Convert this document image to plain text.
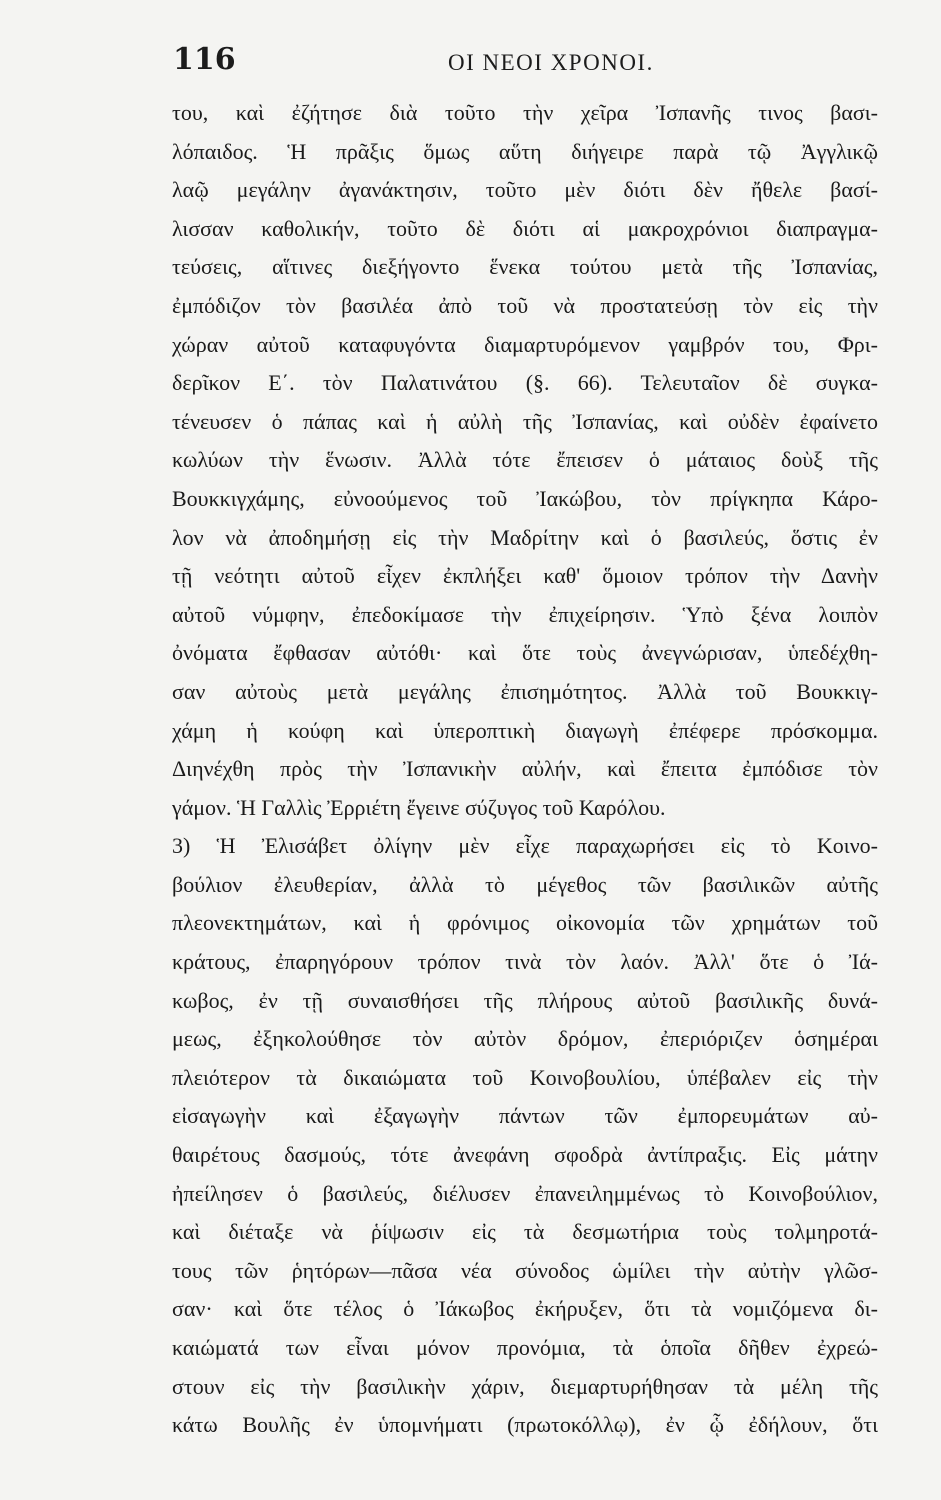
116	ΟΙ ΝΕΟΙ ΧΡΟΝΟΙ.
του, καὶ ἐζήτησε διὰ τοῦτο τὴν χεῖρα Ἰσπανῆς τινος βασι-
λόπαιδος. Ἡ πρᾶξις ὅμως αὕτη διήγειρε παρὰ τῷ Ἀγγλικῷ
λαῷ μεγάλην ἀγανάκτησιν, τοῦτο μὲν διότι δὲν ἤθελε βασί-
λισσαν καθολικήν, τοῦτο δὲ διότι αἱ μακροχρόνιοι διαπραγμα-
τεύσεις, αἵτινες διεξήγοντο ἕνεκα τούτου μετὰ τῆς Ἰσπανίας,
ἐμπόδιζον τὸν βασιλέα ἀπὸ τοῦ νὰ προστατεύσῃ τὸν εἰς τὴν
χώραν αὐτοῦ καταφυγόντα διαμαρτυρόμενον γαμβρόν του, Φρι-
δερῖκον Ε΄. τὸν Παλατινάτου (§. 66). Τελευταῖον δὲ συγκα-
τένευσεν ὁ πάπας καὶ ἡ αὐλὴ τῆς Ἰσπανίας, καὶ οὐδὲν ἐφαίνετο
κωλύων τὴν ἕνωσιν. Ἀλλὰ τότε ἔπεισεν ὁ μάταιος δοὺξ τῆς
Βουκκιγχάμης, εὐνοούμενος τοῦ Ἰακώβου, τὸν πρίγκηπα Κάρο-
λον νὰ ἀποδημήσῃ εἰς τὴν Μαδρίτην καὶ ὁ βασιλεύς, ὅστις ἐν
τῇ νεότητι αὐτοῦ εἶχεν ἐκπλήξει καθ' ὅμοιον τρόπον τὴν Δανὴν
αὐτοῦ νύμφην, ἐπεδοκίμασε τὴν ἐπιχείρησιν. Ὑπὸ ξένα λοιπὸν
ὀνόματα ἔφθασαν αὐτόθι· καὶ ὅτε τοὺς ἀνεγνώρισαν, ὑπεδέχθη-
σαν αὐτοὺς μετὰ μεγάλης ἐπισημότητος. Ἀλλὰ τοῦ Βουκκιγ-
χάμη ἡ κούφη καὶ ὑπεροπτικὴ διαγωγὴ ἐπέφερε πρόσκομμα.
Διηνέχθη πρὸς τὴν Ἰσπανικὴν αὐλήν, καὶ ἔπειτα ἐμπόδισε τὸν
γάμον. Ἡ Γαλλὶς Ἐρριέτη ἔγεινε σύζυγος τοῦ Καρόλου.
3) Ἡ Ἐλισάβετ ὀλίγην μὲν εἶχε παραχωρήσει εἰς τὸ Κοινο-
βούλιον ἐλευθερίαν, ἀλλὰ τὸ μέγεθος τῶν βασιλικῶν αὐτῆς
πλεονεκτημάτων, καὶ ἡ φρόνιμος οἰκονομία τῶν χρημάτων τοῦ
κράτους, ἐπαρηγόρουν τρόπον τινὰ τὸν λαόν. Ἀλλ' ὅτε ὁ Ἰά-
κωβος, ἐν τῇ συναισθήσει τῆς πλήρους αὐτοῦ βασιλικῆς δυνά-
μεως, ἐξηκολούθησε τὸν αὐτὸν δρόμον, ἐπεριόριζεν ὁσημέραι
πλειότερον τὰ δικαιώματα τοῦ Κοινοβουλίου, ὑπέβαλεν εἰς τὴν
εἰσαγωγὴν καὶ ἐξαγωγὴν πάντων τῶν ἐμπορευμάτων αὐ-
θαιρέτους δασμούς, τότε ἀνεφάνη σφοδρὰ ἀντίπραξις. Εἰς μάτην
ἠπείλησεν ὁ βασιλεύς, διέλυσεν ἐπανειλημμένως τὸ Κοινοβούλιον,
καὶ διέταξε νὰ ῥίψωσιν εἰς τὰ δεσμωτήρια τοὺς τολμηροτά-
τους τῶν ῥητόρων—πᾶσα νέα σύνοδος ὡμίλει τὴν αὐτὴν γλῶσ-
σαν· καὶ ὅτε τέλος ὁ Ἰάκωβος ἐκήρυξεν, ὅτι τὰ νομιζόμενα δι-
καιώματά των εἶναι μόνον προνόμια, τὰ ὁποῖα δῆθεν ἐχρεώ-
στουν εἰς τὴν βασιλικὴν χάριν, διεμαρτυρήθησαν τὰ μέλη τῆς
κάτω Βουλῆς ἐν ὑπομνήματι (πρωτοκόλλῳ), ἐν ᾧ ἐδήλουν, ὅτι
